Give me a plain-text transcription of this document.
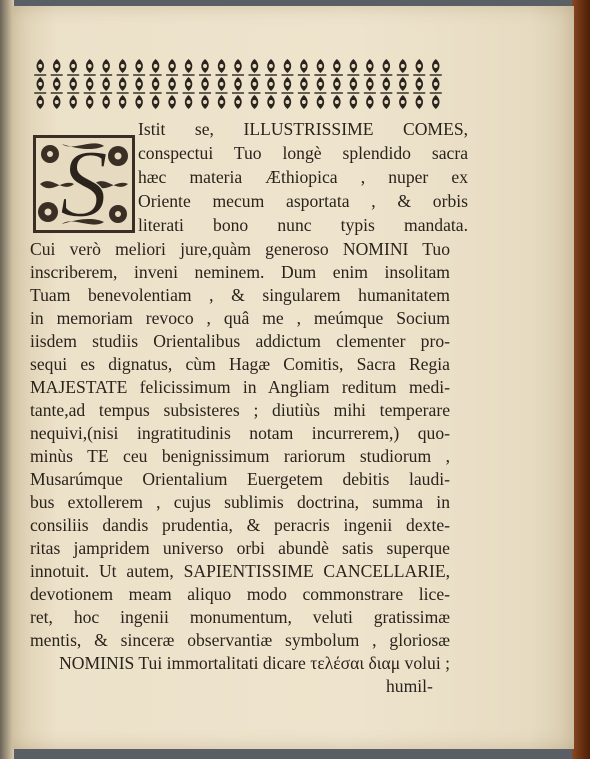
S
Istit se, ILLUSTRISSIME COMES,
conspectui Tuo longè splendido sacra
hæc materia Æthiopica , nuper ex
Oriente mecum asportata , & orbis
literati bono nunc typis mandata.
Cui verò meliori jure,quàm generoso NOMINI Tuo
inscriberem, inveni neminem. Dum enim insolitam
Tuam benevolentiam , & singularem humanitatem
in memoriam revoco , quâ me , meúmque Socium
iisdem studiis Orientalibus addictum clementer pro-
sequi es dignatus, cùm Hagæ Comitis, Sacra Regia
MAJESTATE felicissimum in Angliam reditum medi-
tante,ad tempus subsisteres ; diutiùs mihi temperare
nequivi,(nisi ingratitudinis notam incurrerem,) quo-
minùs TE ceu benignissimum rariorum studiorum ,
Musarúmque Orientalium Euergetem debitis laudi-
bus extollerem , cujus sublimis doctrina, summa in
consiliis dandis prudentia, & peracris ingenii dexte-
ritas jampridem universo orbi abundè satis superque
innotuit. Ut autem, SAPIENTISSIME CANCELLARIE,
devotionem meam aliquo modo commonstrare lice-
ret, hoc ingenii monumentum, veluti gratissimæ
mentis, & sinceræ observantiæ symbolum , gloriosæ
NOMINIS Tui immortalitati dicare τελέσαι διαμ volui ;
humil-
